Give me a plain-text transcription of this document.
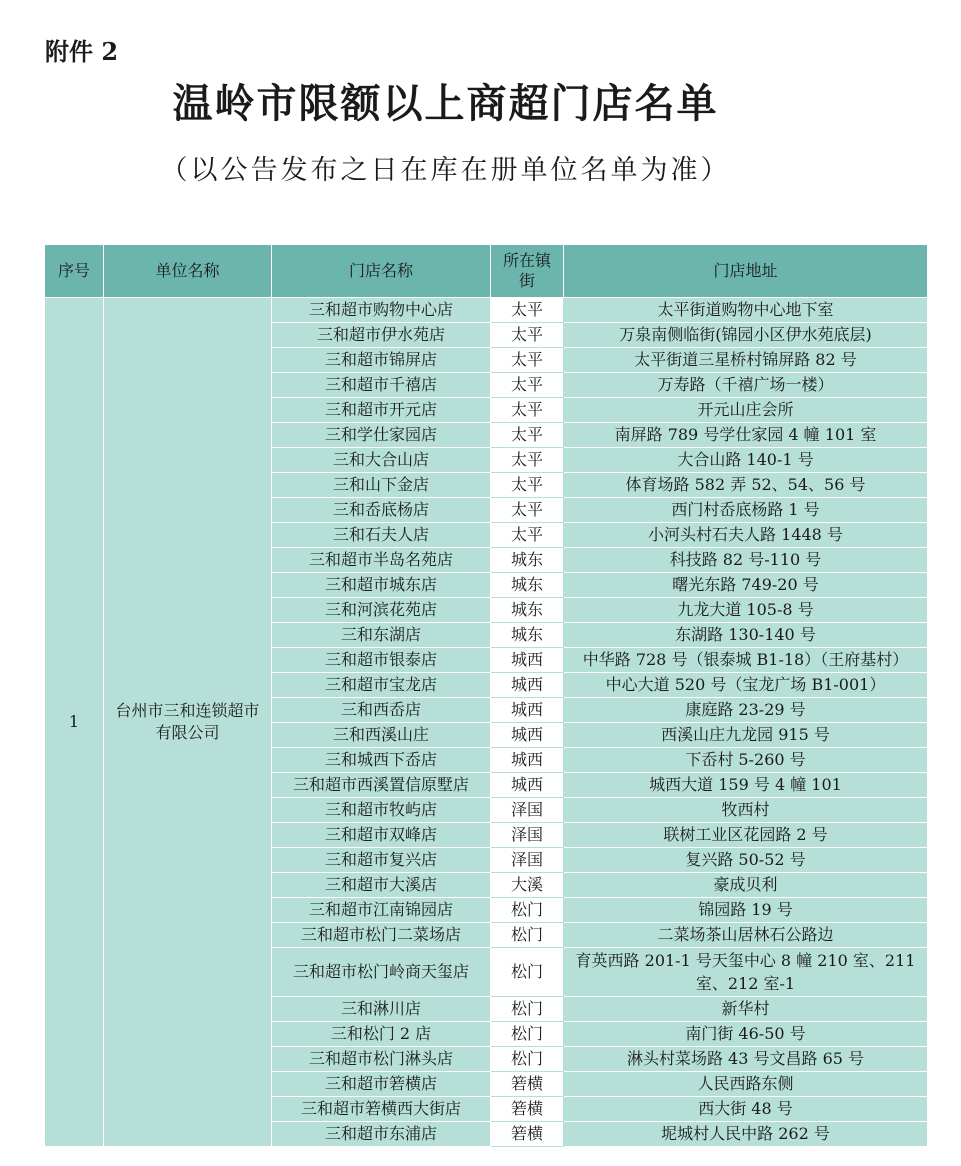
附件 2
温岭市限额以上商超门店名单
（以公告发布之日在库在册单位名单为准）
序号	单位名称	门店名称	所在镇街	门店地址
1	台州市三和连锁超市有限公司	三和超市购物中心店	太平	太平街道购物中心地下室
		三和超市伊水苑店	太平	万泉南侧临街(锦园小区伊水苑底层)
		三和超市锦屏店	太平	太平街道三星桥村锦屏路 82 号
		三和超市千禧店	太平	万寿路（千禧广场一楼）
		三和超市开元店	太平	开元山庄会所
		三和学仕家园店	太平	南屏路 789 号学仕家园 4 幢 101 室
		三和大合山店	太平	大合山路 140-1 号
		三和山下金店	太平	体育场路 582 弄 52、54、56 号
		三和岙底杨店	太平	西门村岙底杨路 1 号
		三和石夫人店	太平	小河头村石夫人路 1448 号
		三和超市半岛名苑店	城东	科技路 82 号-110 号
		三和超市城东店	城东	曙光东路 749-20 号
		三和河滨花苑店	城东	九龙大道 105-8 号
		三和东湖店	城东	东湖路 130-140 号
		三和超市银泰店	城西	中华路 728 号（银泰城 B1-18）（王府基村）
		三和超市宝龙店	城西	中心大道 520 号（宝龙广场 B1-001）
		三和西岙店	城西	康庭路 23-29 号
		三和西溪山庄	城西	西溪山庄九龙园 915 号
		三和城西下岙店	城西	下岙村 5-260 号
		三和超市西溪置信原墅店	城西	城西大道 159 号 4 幢 101
		三和超市牧屿店	泽国	牧西村
		三和超市双峰店	泽国	联树工业区花园路 2 号
		三和超市复兴店	泽国	复兴路 50-52 号
		三和超市大溪店	大溪	豪成贝利
		三和超市江南锦园店	松门	锦园路 19 号
		三和超市松门二菜场店	松门	二菜场茶山居林石公路边
		三和超市松门岭商天玺店	松门	育英西路 201-1 号天玺中心 8 幢 210 室、211 室、212 室-1
		三和淋川店	松门	新华村
		三和松门 2 店	松门	南门街 46-50 号
		三和超市松门淋头店	松门	淋头村菜场路 43 号文昌路 65 号
		三和超市箬横店	箬横	人民西路东侧
		三和超市箬横西大街店	箬横	西大街 48 号
		三和超市东浦店	箬横	坭城村人民中路 262 号
